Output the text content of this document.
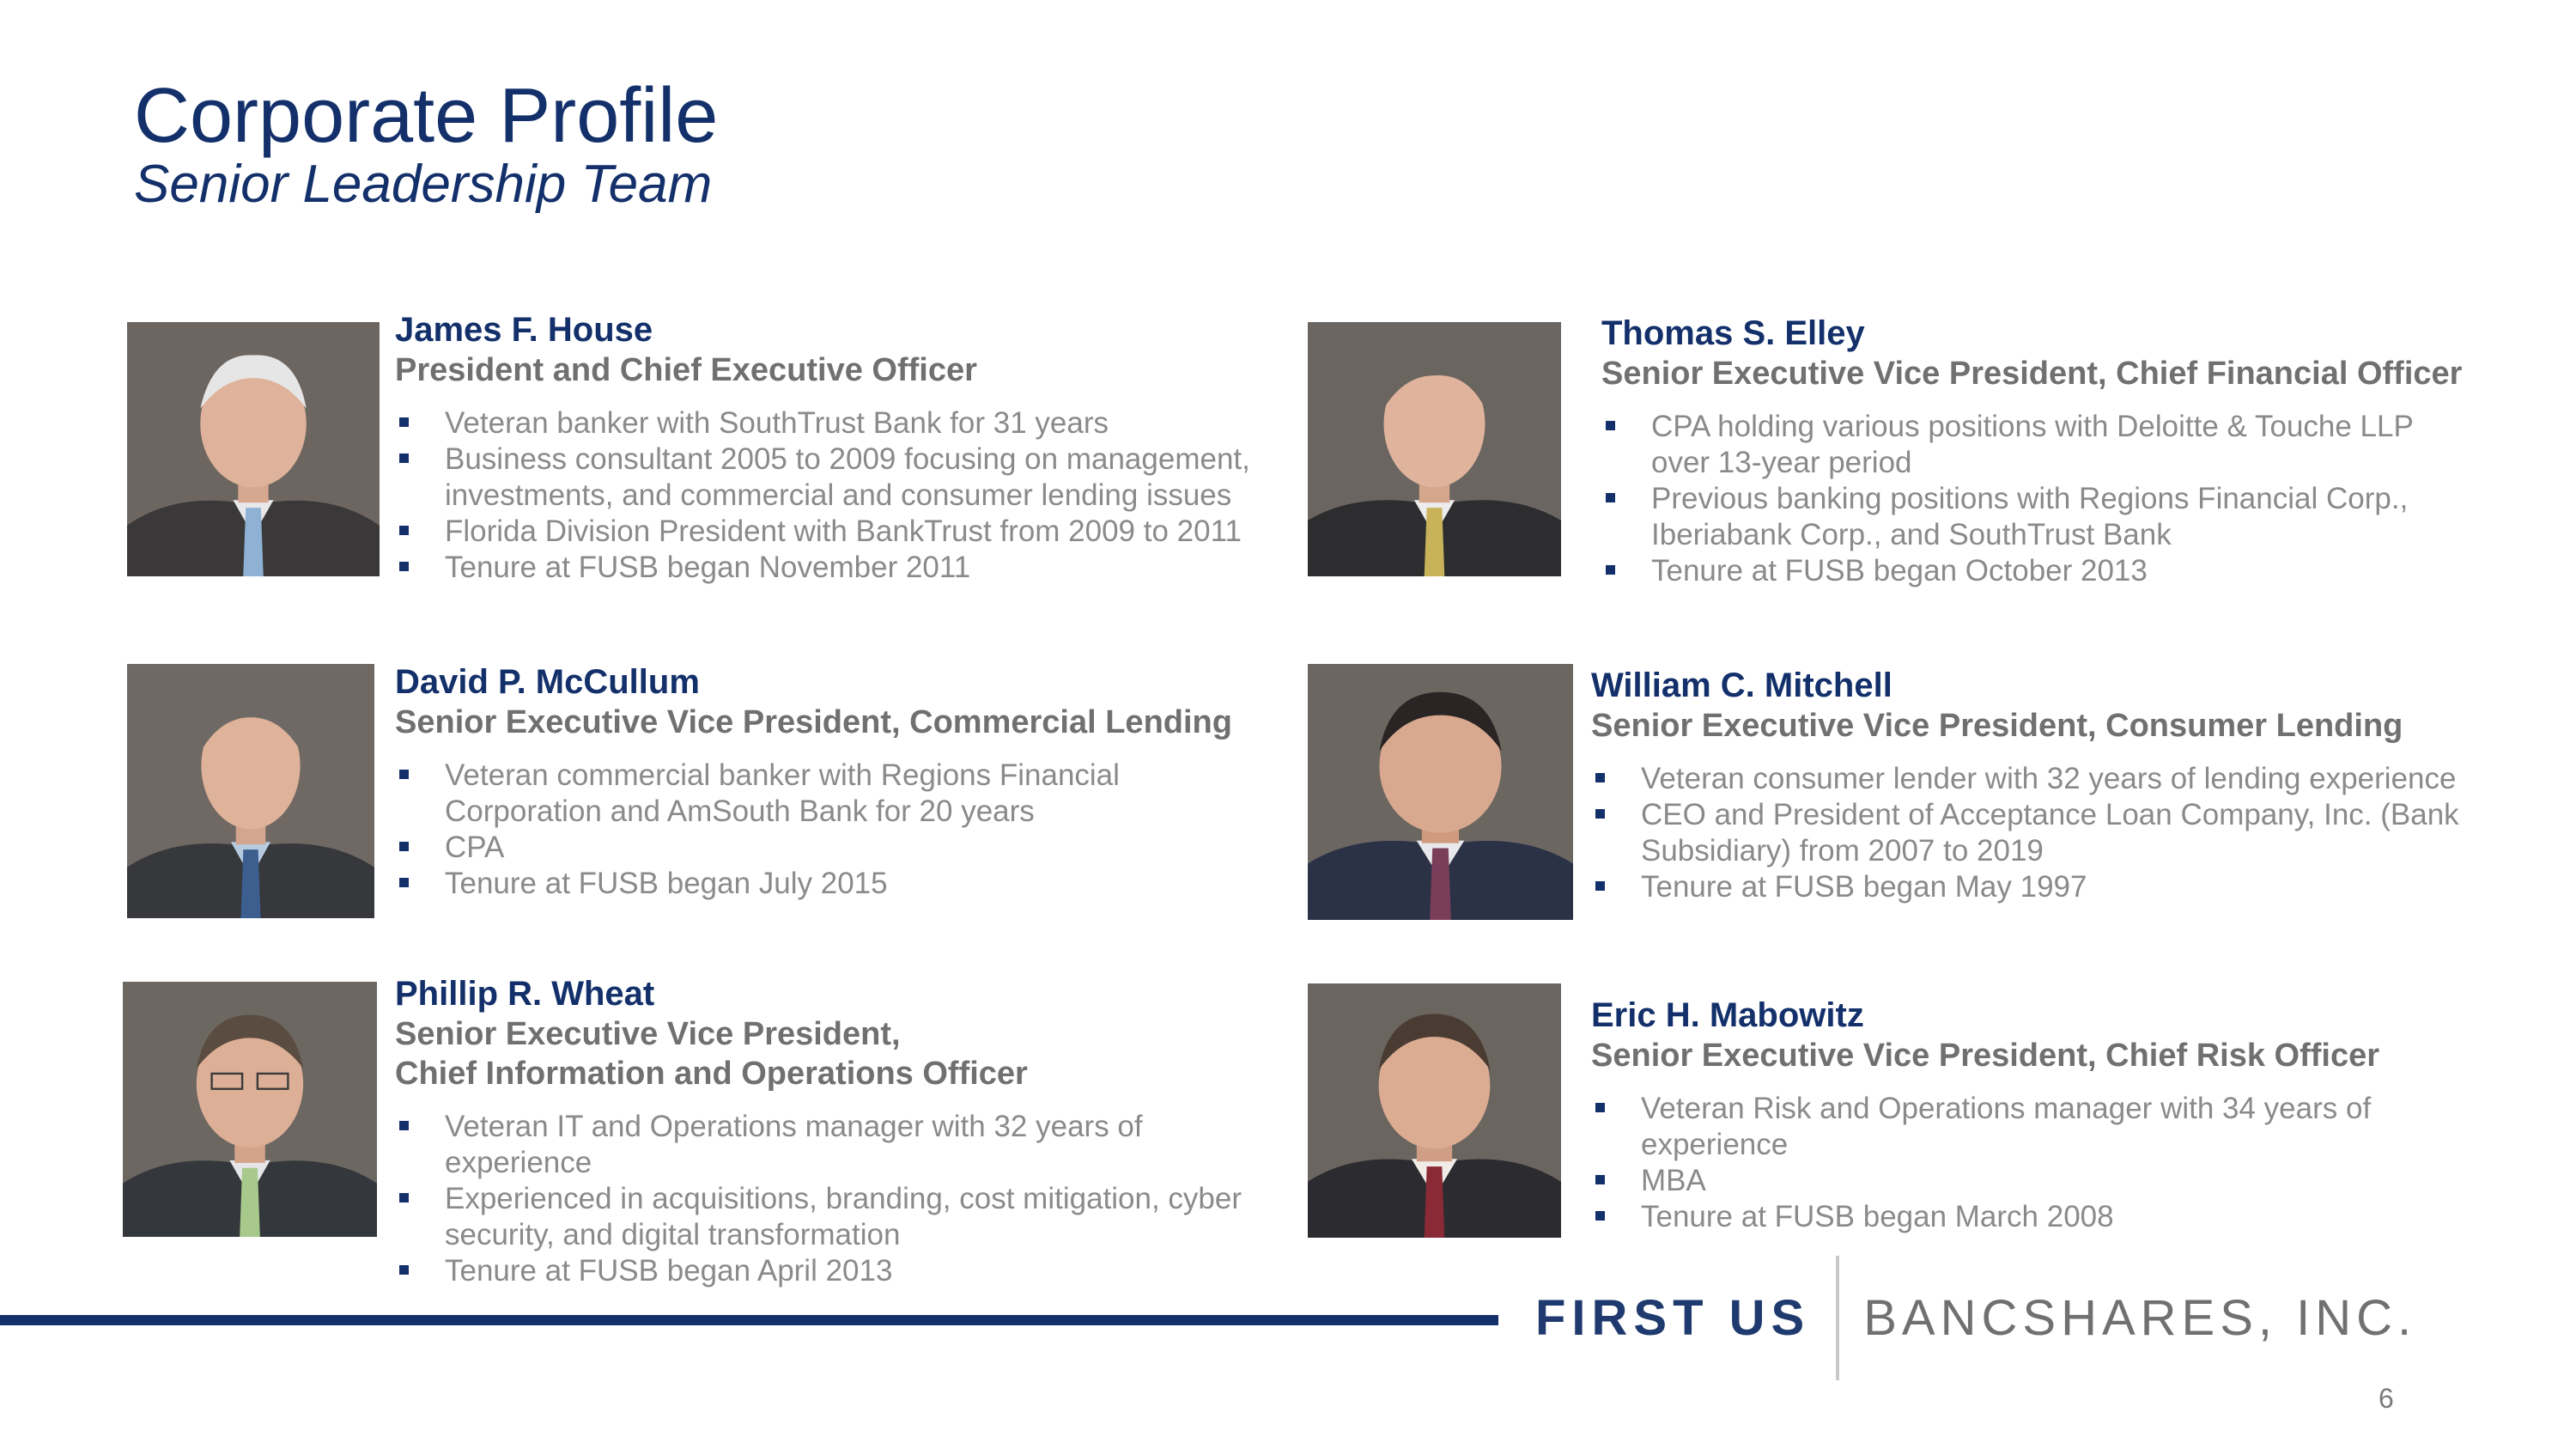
Corporate Profile
Senior Leadership Team

James F. House

President and Chief Executive Officer

Veteran banker with SouthTrust Bank for 31 years
Business consultant 2005 to 2009 focusing on management, investments, and commercial and consumer lending issues
Florida Division President with BankTrust from 2009 to 2011
Tenure at FUSB began November 2011

Thomas S. Elley

Senior Executive Vice President, Chief Financial Officer

CPA holding various positions with Deloitte & Touche LLP over 13-year period
Previous banking positions with Regions Financial Corp., Iberiabank Corp., and SouthTrust Bank
Tenure at FUSB began October 2013

David P. McCullum

Senior Executive Vice President, Commercial Lending

Veteran commercial banker with Regions Financial Corporation and AmSouth Bank for 20 years
CPA
Tenure at FUSB began July 2015

William C. Mitchell

Senior Executive Vice President, Consumer Lending

Veteran consumer lender with 32 years of lending experience
CEO and President of Acceptance Loan Company, Inc. (Bank Subsidiary) from 2007 to 2019
Tenure at FUSB began May 1997

Phillip R. Wheat

Senior Executive Vice President,

Chief Information and Operations Officer

Veteran IT and Operations manager with 32 years of experience
Experienced in acquisitions, branding, cost mitigation, cyber security, and digital transformation
Tenure at FUSB began April 2013

Eric H. Mabowitz

Senior Executive Vice President, Chief Risk Officer

Veteran Risk and Operations manager with 34 years of experience
MBA
Tenure at FUSB began March 2008
FIRST US BANCSHARES, INC.
6
